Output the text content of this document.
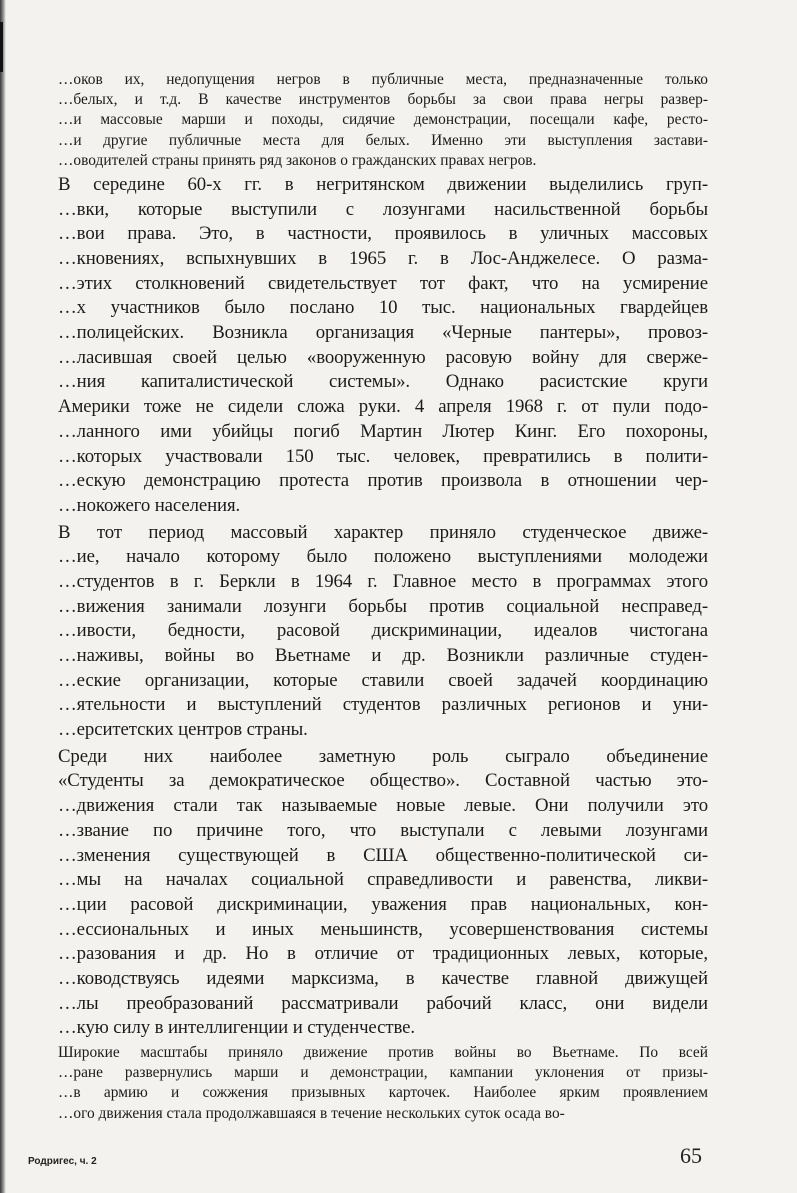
…оков их, недопущения негров в публичные места, предназначенные только

…белых, и т.д. В качестве инструментов борьбы за свои права негры развер-

…и массовые марши и походы, сидячие демонстрации, посещали кафе, ресто-

…и другие публичные места для белых. Именно эти выступления застави-

…оводителей страны принять ряд законов о гражданских правах негров.

В середине 60-х гг. в негритянском движении выделились груп-

…вки, которые выступили с лозунгами насильственной борьбы

…вои права. Это, в частности, проявилось в уличных массовых

…кновениях, вспыхнувших в 1965 г. в Лос-Анджелесе. О разма-

…этих столкновений свидетельствует тот факт, что на усмирение

…х участников было послано 10 тыс. национальных гвардейцев

…полицейских. Возникла организация «Черные пантеры», провоз-

…ласившая своей целью «вооруженную расовую войну для сверже-

…ния капиталистической системы». Однако расистские круги

Америки тоже не сидели сложа руки. 4 апреля 1968 г. от пули подо-

…ланного ими убийцы погиб Мартин Лютер Кинг. Его похороны,

…которых участвовали 150 тыс. человек, превратились в полити-

…ескую демонстрацию протеста против произвола в отношении чер-

…нокожего населения.

В тот период массовый характер приняло студенческое движе-

…ие, начало которому было положено выступлениями молодежи

…студентов в г. Беркли в 1964 г. Главное место в программах этого

…вижения занимали лозунги борьбы против социальной несправед-

…ивости, бедности, расовой дискриминации, идеалов чистогана

…наживы, войны во Вьетнаме и др. Возникли различные студен-

…еские организации, которые ставили своей задачей координацию

…ятельности и выступлений студентов различных регионов и уни-

…ерситетских центров страны.

Среди них наиболее заметную роль сыграло объединение

«Студенты за демократическое общество». Составной частью это-

…движения стали так называемые новые левые. Они получили это

…звание по причине того, что выступали с левыми лозунгами

…зменения существующей в США общественно-политической си-

…мы на началах социальной справедливости и равенства, ликви-

…ции расовой дискриминации, уважения прав национальных, кон-

…ессиональных и иных меньшинств, усовершенствования системы

…разования и др. Но в отличие от традиционных левых, которые,

…ководствуясь идеями марксизма, в качестве главной движущей

…лы преобразований рассматривали рабочий класс, они видели

…кую силу в интеллигенции и студенчестве.

Широкие масштабы приняло движение против войны во Вьетнаме. По всей

…ране развернулись марши и демонстрации, кампании уклонения от призы-

…в армию и сожжения призывных карточек. Наиболее ярким проявлением

…ого движения стала продолжавшаяся в течение нескольких суток осада во-

Родригес, ч. 2	65
